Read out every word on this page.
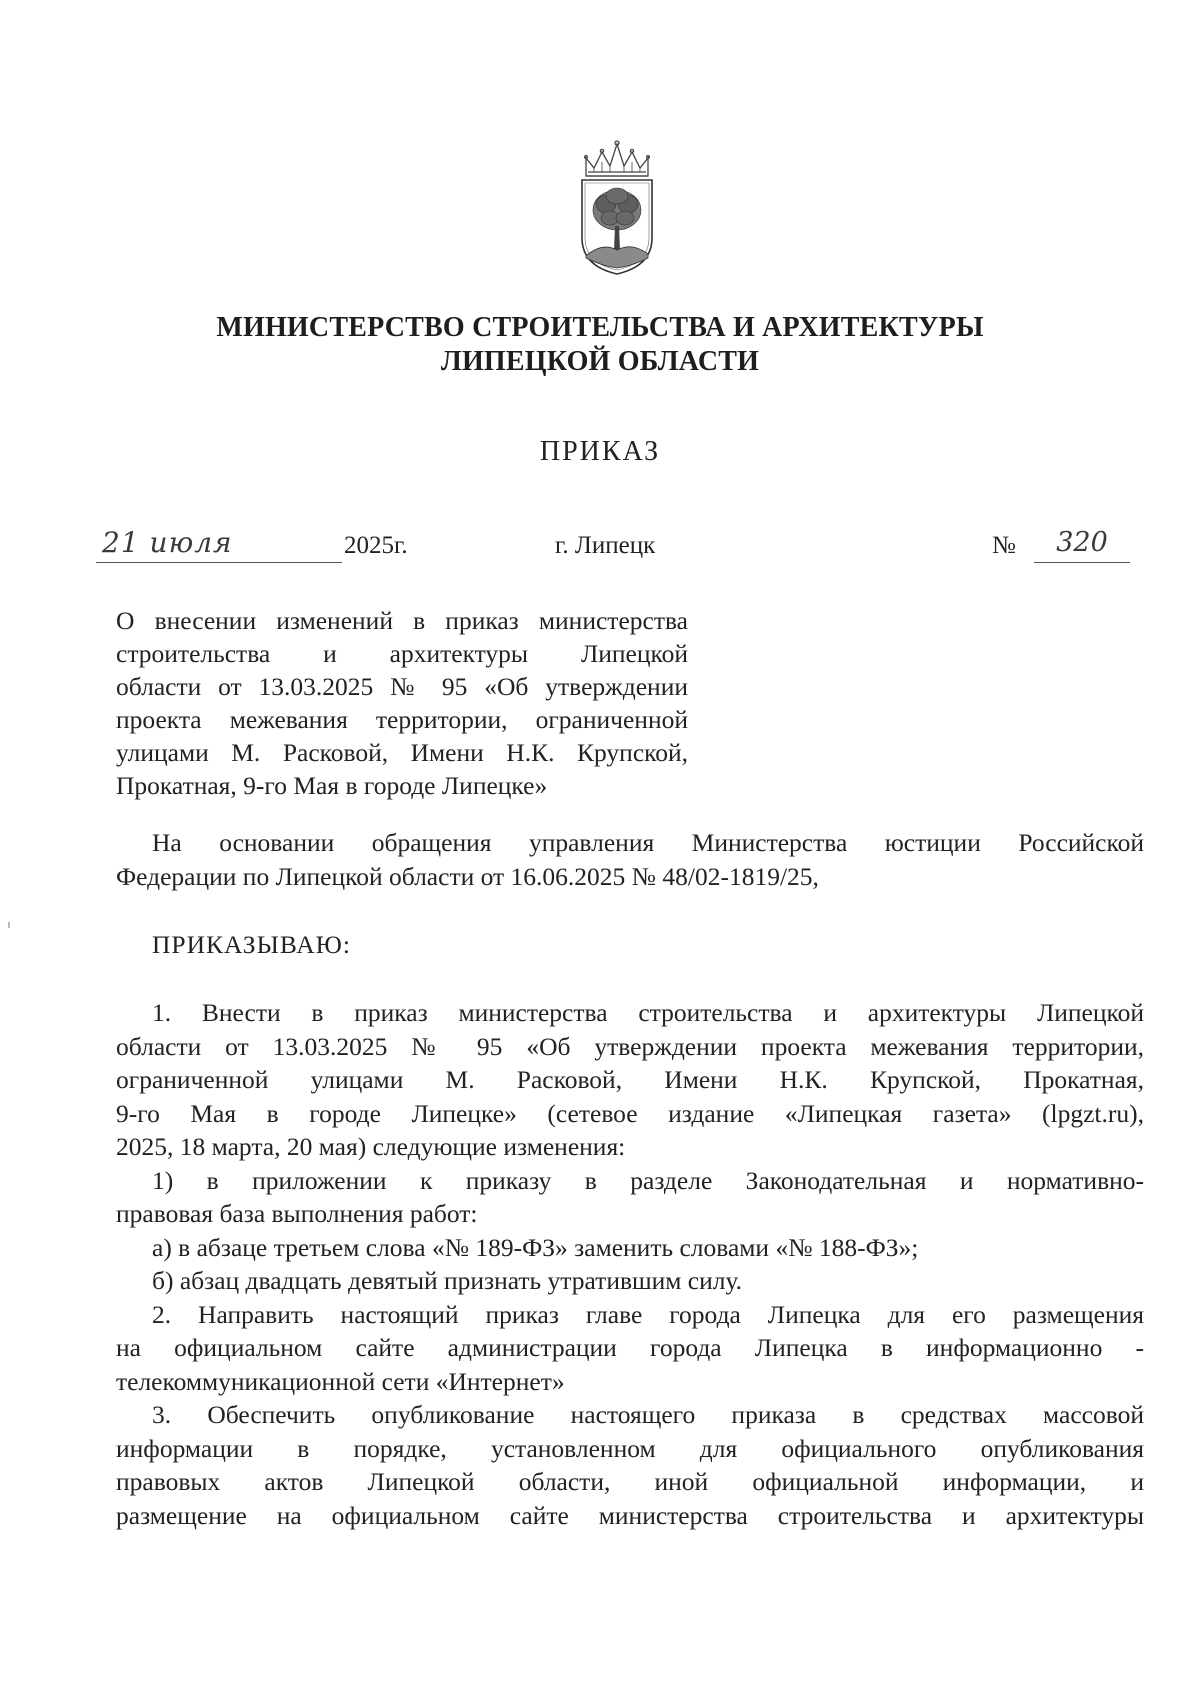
МИНИСТЕРСТВО СТРОИТЕЛЬСТВА И АРХИТЕКТУРЫ
ЛИПЕЦКОЙ ОБЛАСТИ
ПРИКАЗ
21 июля	2025г.	г. Липецк	№	320
О внесении изменений в приказ министерства
строительства и архитектуры Липецкой
области от 13.03.2025 № 95 «Об утверждении
проекта межевания территории, ограниченной
улицами М. Расковой, Имени Н.К. Крупской,
Прокатная, 9-го Мая в городе Липецке»
На основании обращения управления Министерства юстиции Российской
Федерации по Липецкой области от 16.06.2025 № 48/02-1819/25,
ПРИКАЗЫВАЮ:
1. Внести в приказ министерства строительства и архитектуры Липецкой
области от 13.03.2025 № 95 «Об утверждении проекта межевания территории,
ограниченной улицами М. Расковой, Имени Н.К. Крупской, Прокатная,
9-го Мая в городе Липецке» (сетевое издание «Липецкая газета» (lpgzt.ru),
2025, 18 марта, 20 мая) следующие изменения:
1) в приложении к приказу в разделе Законодательная и нормативно-
правовая база выполнения работ:
а) в абзаце третьем слова «№ 189-ФЗ» заменить словами «№ 188-ФЗ»;
б) абзац двадцать девятый признать утратившим силу.
2. Направить настоящий приказ главе города Липецка для его размещения
на официальном сайте администрации города Липецка в информационно -
телекоммуникационной сети «Интернет»
3. Обеспечить опубликование настоящего приказа в средствах массовой
информации в порядке, установленном для официального опубликования
правовых актов Липецкой области, иной официальной информации, и
размещение на официальном сайте министерства строительства и архитектуры
